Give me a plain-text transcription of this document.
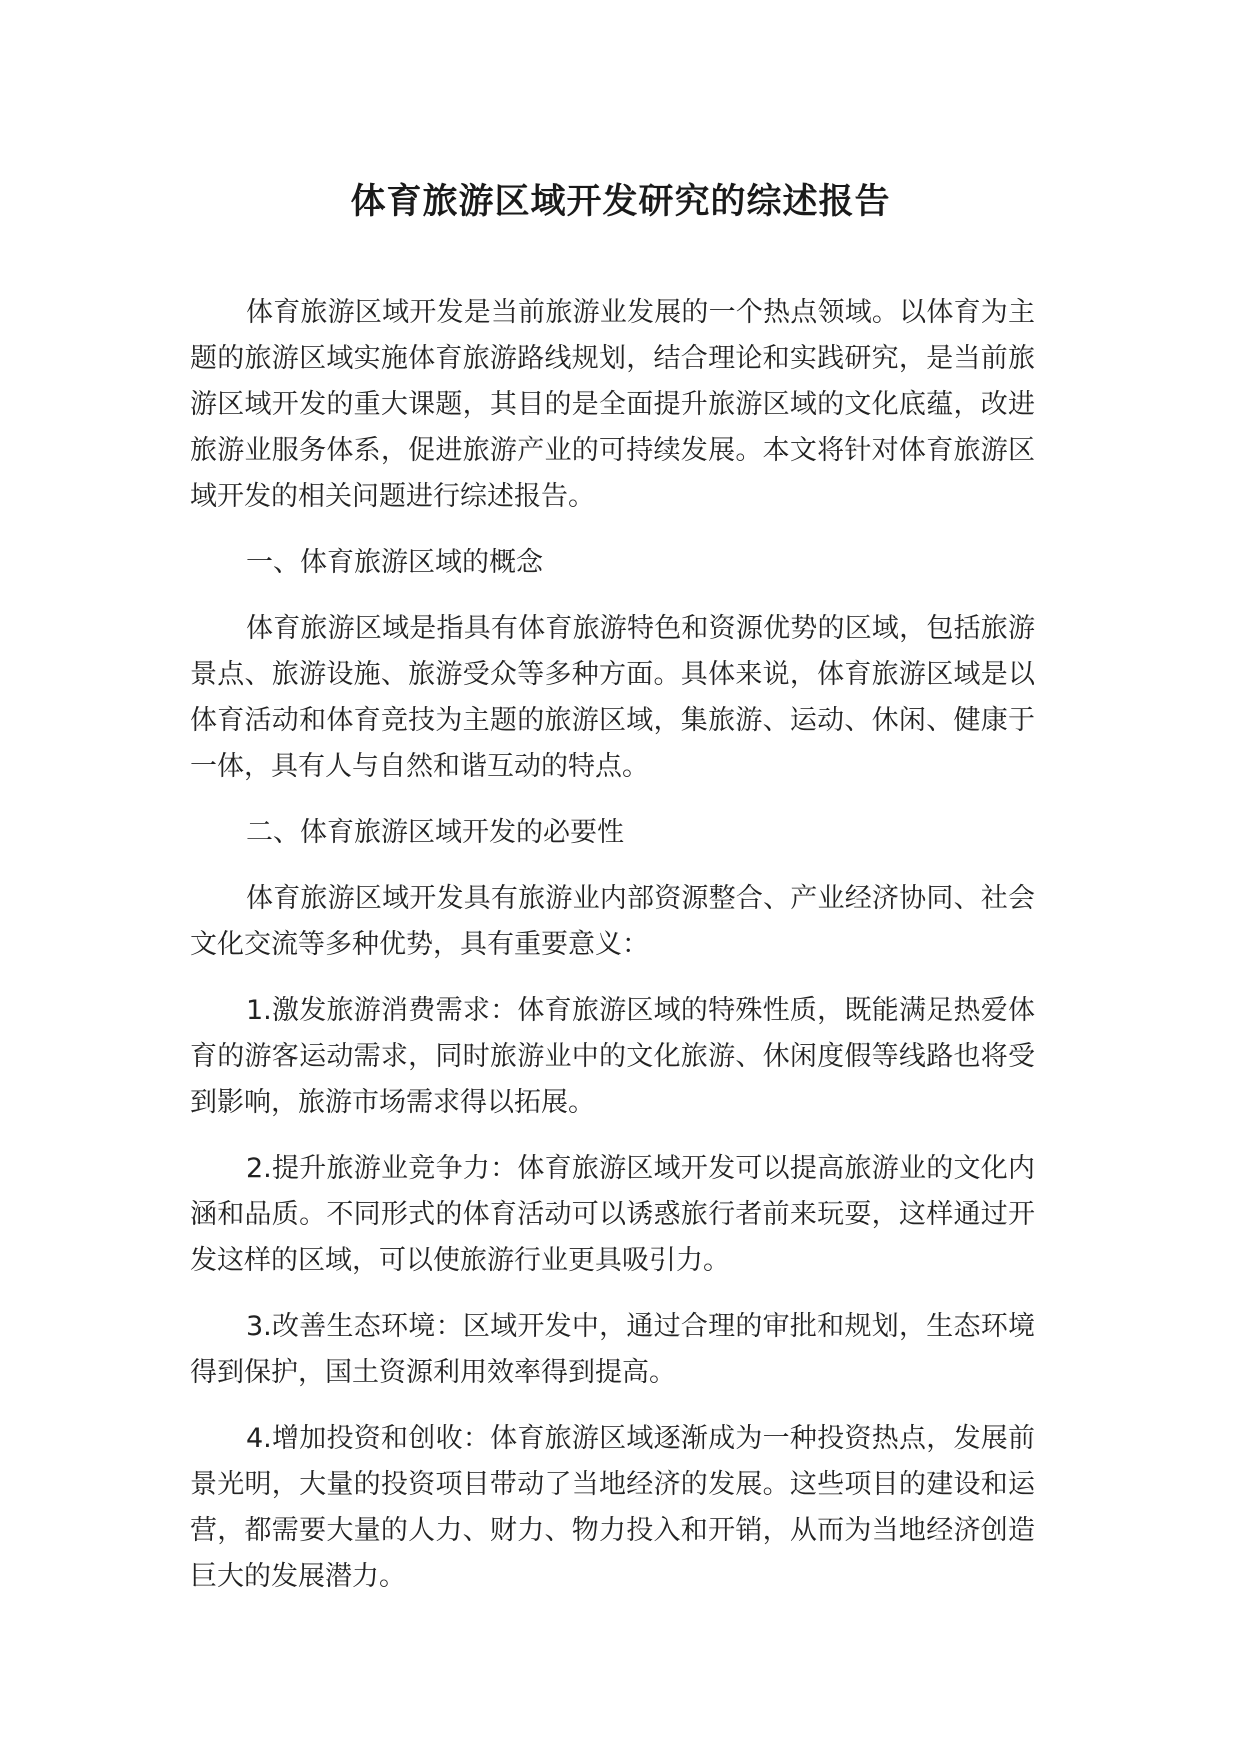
体育旅游区域开发研究的综述报告

体育旅游区域开发是当前旅游业发展的一个热点领域。以体育为主题的旅游区域实施体育旅游路线规划，结合理论和实践研究，是当前旅游区域开发的重大课题，其目的是全面提升旅游区域的文化底蕴，改进旅游业服务体系，促进旅游产业的可持续发展。本文将针对体育旅游区域开发的相关问题进行综述报告。

一、体育旅游区域的概念

体育旅游区域是指具有体育旅游特色和资源优势的区域，包括旅游景点、旅游设施、旅游受众等多种方面。具体来说，体育旅游区域是以体育活动和体育竞技为主题的旅游区域，集旅游、运动、休闲、健康于一体，具有人与自然和谐互动的特点。

二、体育旅游区域开发的必要性

体育旅游区域开发具有旅游业内部资源整合、产业经济协同、社会文化交流等多种优势，具有重要意义：

1.激发旅游消费需求：体育旅游区域的特殊性质，既能满足热爱体育的游客运动需求，同时旅游业中的文化旅游、休闲度假等线路也将受到影响，旅游市场需求得以拓展。

2.提升旅游业竞争力：体育旅游区域开发可以提高旅游业的文化内涵和品质。不同形式的体育活动可以诱惑旅行者前来玩耍，这样通过开发这样的区域，可以使旅游行业更具吸引力。

3.改善生态环境：区域开发中，通过合理的审批和规划，生态环境得到保护，国土资源利用效率得到提高。

4.增加投资和创收：体育旅游区域逐渐成为一种投资热点，发展前景光明，大量的投资项目带动了当地经济的发展。这些项目的建设和运营，都需要大量的人力、财力、物力投入和开销，从而为当地经济创造巨大的发展潜力。
